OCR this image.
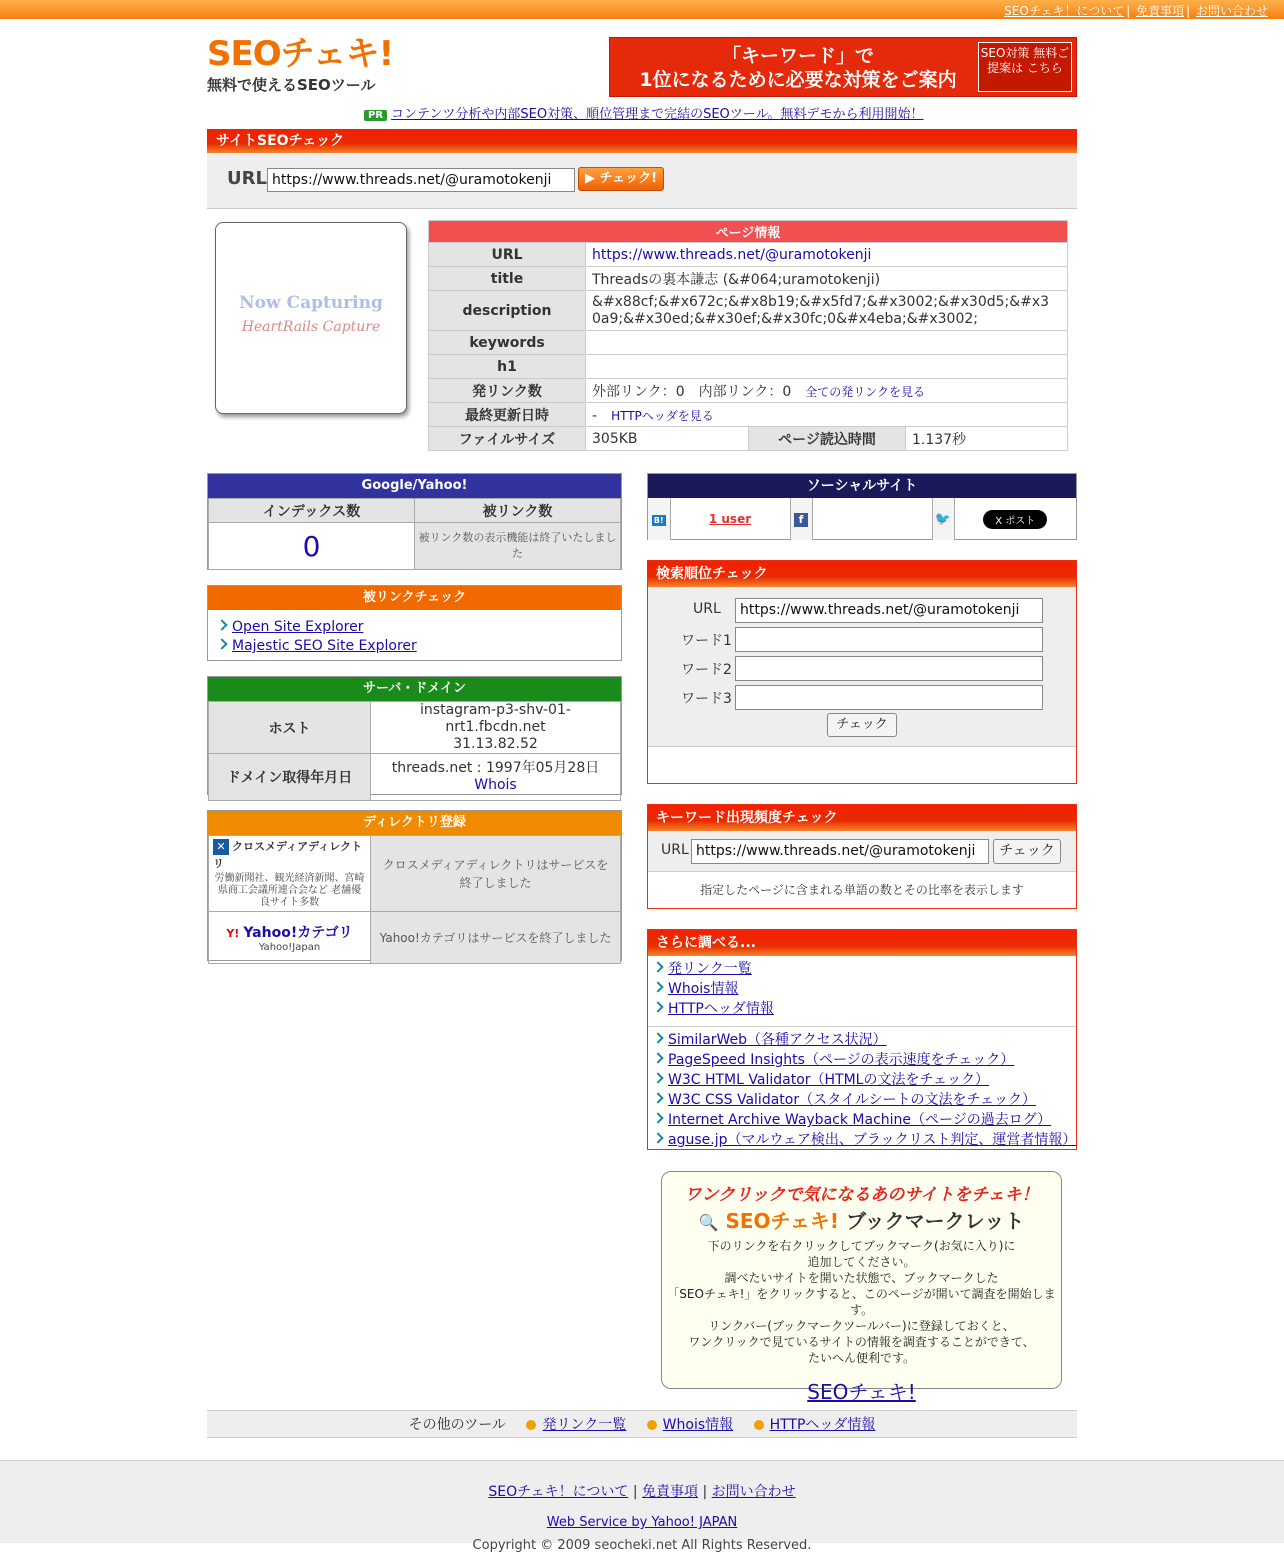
SEOチェキ！について | 免責事項 | お問い合わせ
SEOチェキ!
無料で使えるSEOツール
「キーワード」で
1位になるために必要な対策をご案内
SEO対策 無料ご提案は こちら
PR コンテンツ分析や内部SEO対策、順位管理まで完結のSEOツール。無料デモから利用開始！
サイトSEOチェック
URL https://www.threads.net/@uramotokenji	▶ チェック!
Now Capturing
HeartRails Capture
ページ情報			
URL	https://www.threads.net/@uramotokenji		
title	Threadsの裏本謙志 (&#064;uramotokenji)		
description	&#x88cf;&#x672c;&#x8b19;&#x5fd7;&#x3002;&#x30d5;&#x30a9;&#x30ed;&#x30ef;&#x30fc;0&#x4eba;&#x3002;		
keywords			
h1			
発リンク数	外部リンク：0　内部リンク：0　 全ての発リンクを見る		
最終更新日時	-　 HTTPヘッダを見る		
ファイルサイズ	305KB	ページ読込時間	1.137秒
Google/Yahoo!
インデックス数	被リンク数
0	被リンク数の表示機能は終了いたしました
被リンクチェック
Open Site Explorer
Majestic SEO Site Explorer
サーバ・ドメイン
ホスト	instagram-p3-shv-01-nrt1.fbcdn.net
31.13.82.52

ドメイン取得年月日	threads.net : 1997年05月28日
Whois
ディレクトリ登録
✕ クロスメディアディレクトリ
労働新聞社、観光経済新聞、宮崎県商工会議所連合会など 老舗優良サイト多数	クロスメディアディレクトリはサービスを終了しました

Y! Yahoo!カテゴリ
Yahoo!Japan	Yahoo!カテゴリはサービスを終了しました
ソーシャルサイト
B!	1 user	f		🐦	X ポスト
検索順位チェック
URL	https://www.threads.net/@uramotokenji
ワード1
ワード2
ワード3
チェック
キーワード出現頻度チェック
URL https://www.threads.net/@uramotokenji	チェック
指定したページに含まれる単語の数とその比率を表示します
さらに調べる...
発リンク一覧
Whois情報
HTTPヘッダ情報
SimilarWeb（各種アクセス状況）
PageSpeed Insights（ページの表示速度をチェック）
W3C HTML Validator（HTMLの文法をチェック）
W3C CSS Validator（スタイルシートの文法をチェック）
Internet Archive Wayback Machine（ページの過去ログ）
aguse.jp（マルウェア検出、ブラックリスト判定、運営者情報）
ワンクリックで気になるあのサイトをチェキ！
🔍 SEOチェキ! ブックマークレット
下のリンクを右クリックしてブックマーク(お気に入り)に
追加してください。
調べたいサイトを開いた状態で、ブックマークした
「SEOチェキ!」をクリックすると、このページが開いて調査を開始します。
リンクバー(ブックマークツールバー)に登録しておくと、
ワンクリックで見ているサイトの情報を調査することができて、
たいへん便利です。
SEOチェキ!
その他のツール	発リンク一覧	Whois情報	HTTPヘッダ情報
SEOチェキ！について | 免責事項 | お問い合わせ
Web Service by Yahoo! JAPAN
Copyright © 2009 seocheki.net All Rights Reserved.
